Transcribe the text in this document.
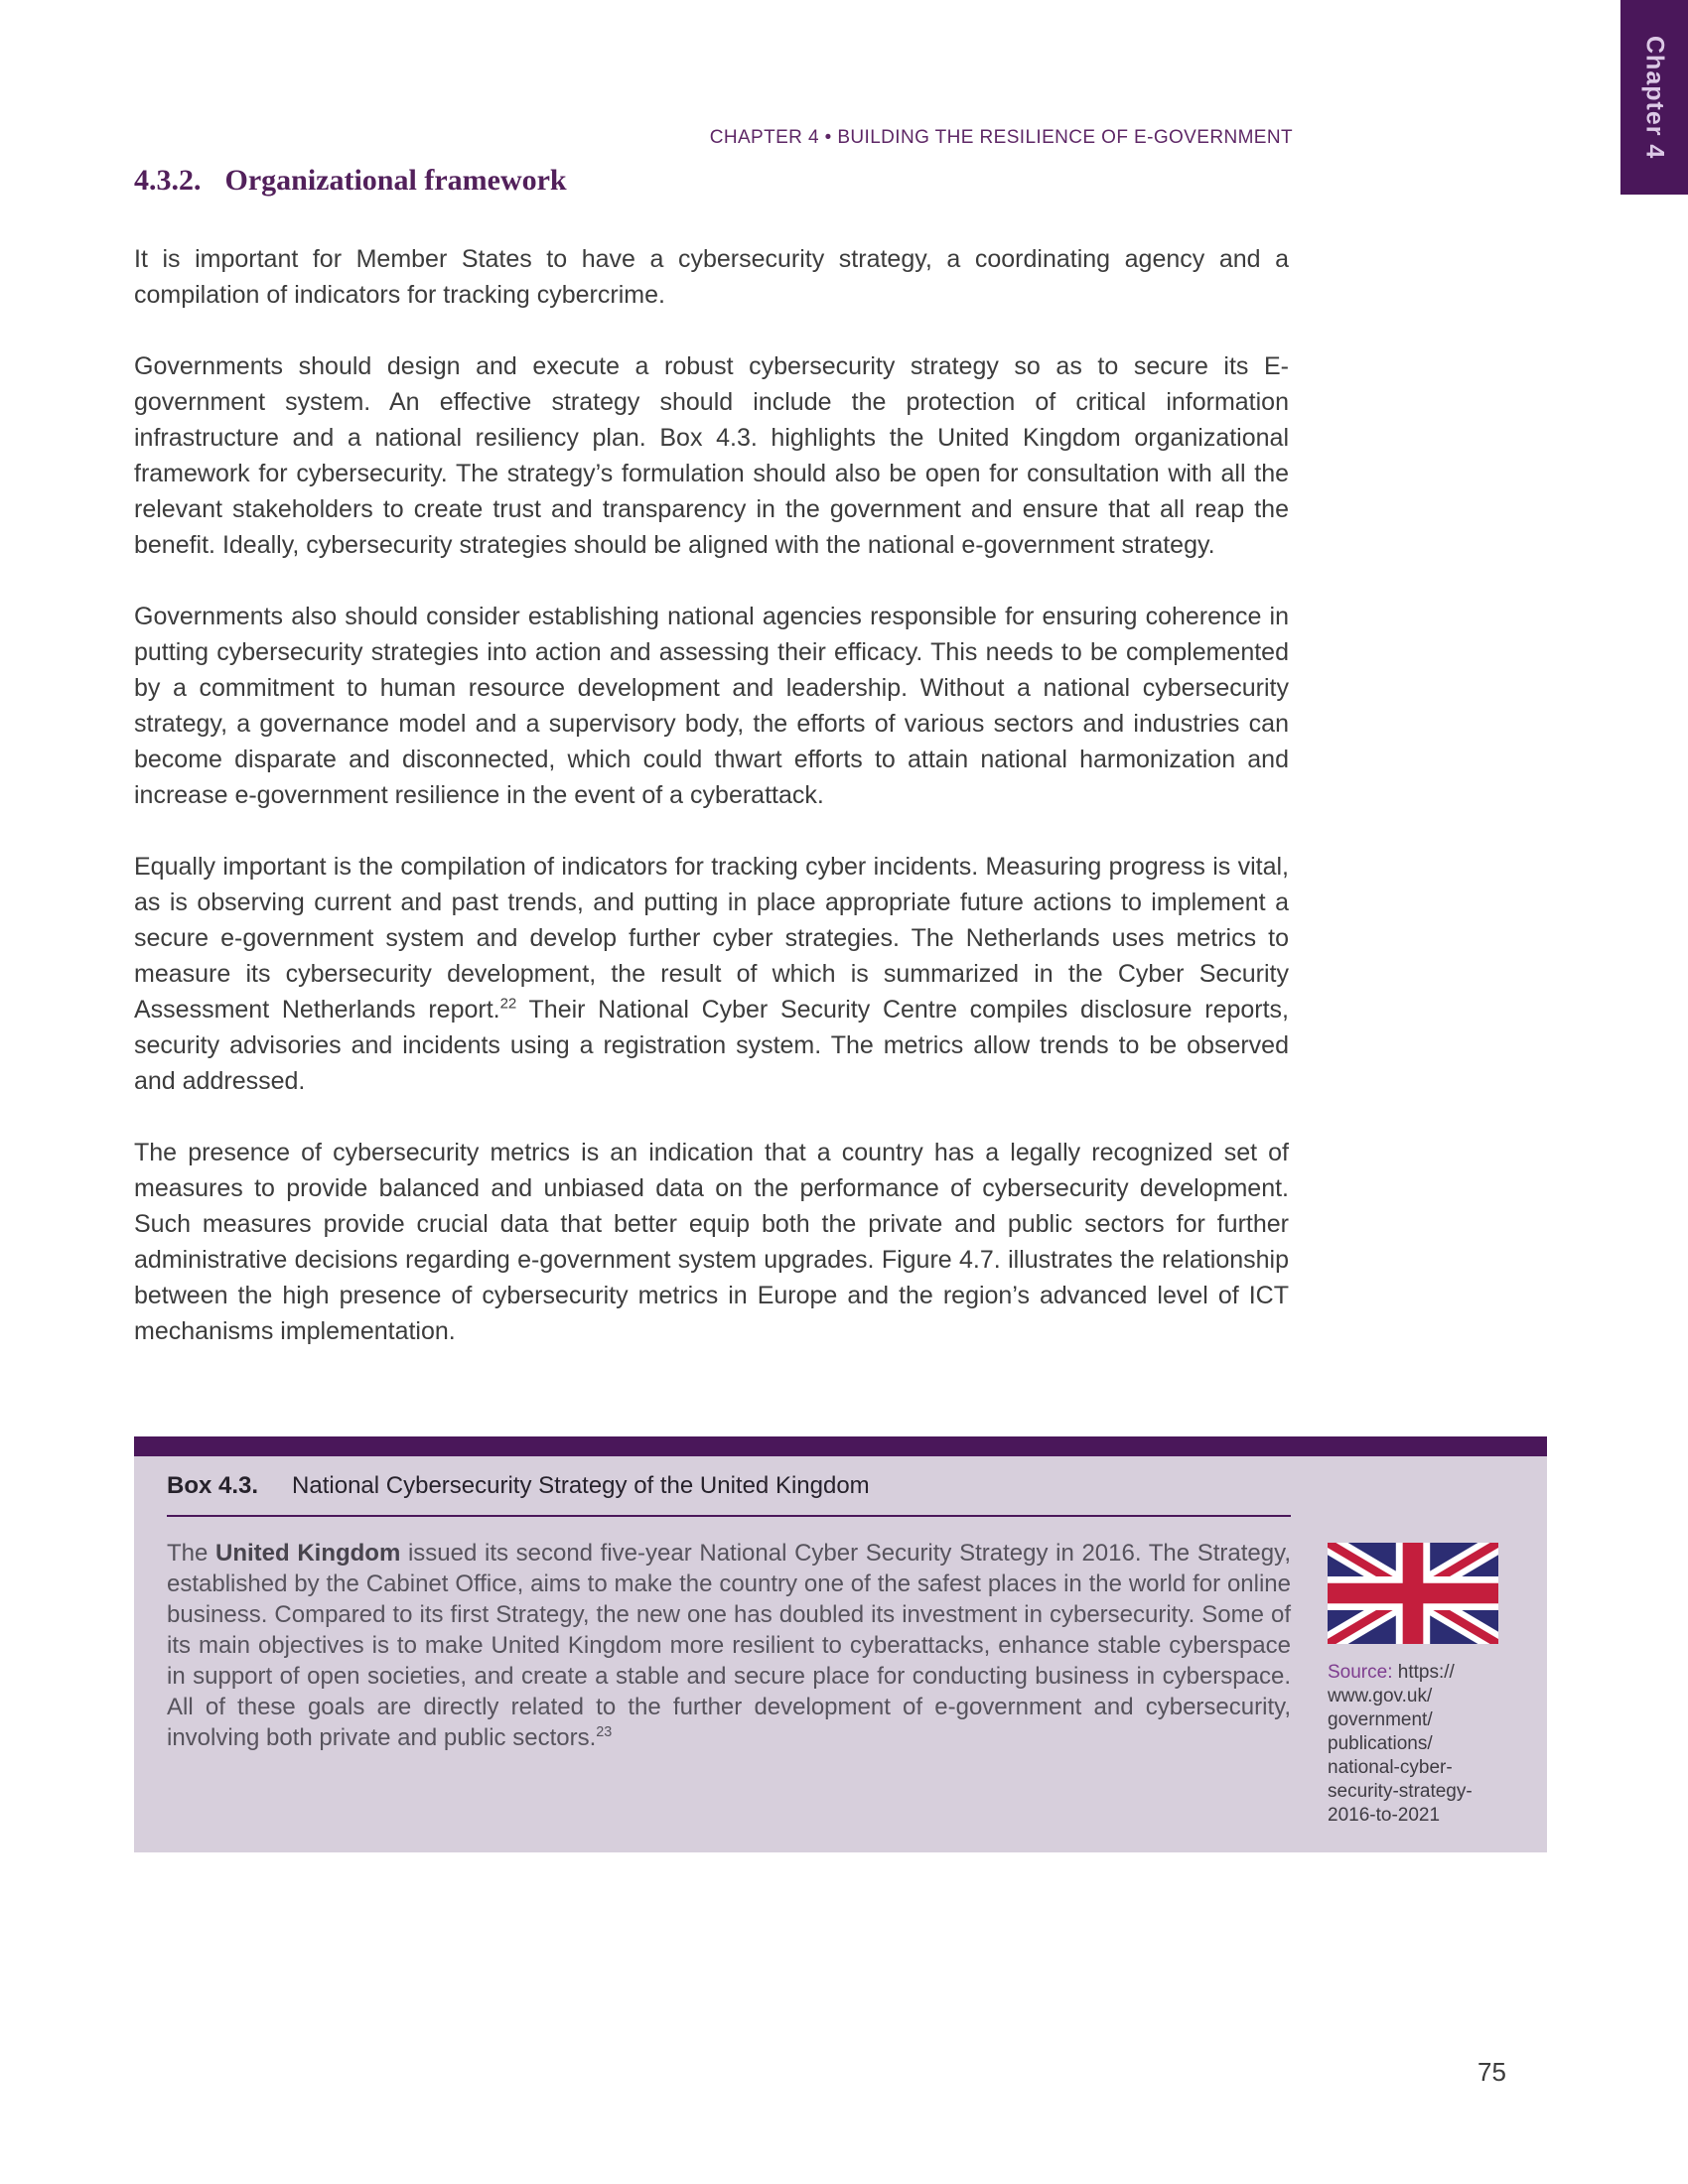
Chapter 4
CHAPTER 4 • BUILDING THE RESILIENCE OF E-GOVERNMENT
4.3.2. Organizational framework

It is important for Member States to have a cybersecurity strategy, a coordinating agency and a compilation of indicators for tracking cybercrime.

Governments should design and execute a robust cybersecurity strategy so as to secure its E-government system. An effective strategy should include the protection of critical information infrastructure and a national resiliency plan. Box 4.3. highlights the United Kingdom organizational framework for cybersecurity. The strategy’s formulation should also be open for consultation with all the relevant stakeholders to create trust and transparency in the government and ensure that all reap the benefit. Ideally, cybersecurity strategies should be aligned with the national e-government strategy.

Governments also should consider establishing national agencies responsible for ensuring coherence in putting cybersecurity strategies into action and assessing their efficacy. This needs to be complemented by a commitment to human resource development and leadership. Without a national cybersecurity strategy, a governance model and a supervisory body, the efforts of various sectors and industries can become disparate and disconnected, which could thwart efforts to attain national harmonization and increase e-government resilience in the event of a cyberattack.

Equally important is the compilation of indicators for tracking cyber incidents. Measuring progress is vital, as is observing current and past trends, and putting in place appropriate future actions to implement a secure e-government system and develop further cyber strategies. The Netherlands uses metrics to measure its cybersecurity development, the result of which is summarized in the Cyber Security Assessment Netherlands report.$^{22}$ Their National Cyber Security Centre compiles disclosure reports, security advisories and incidents using a registration system. The metrics allow trends to be observed and addressed.

The presence of cybersecurity metrics is an indication that a country has a legally recognized set of measures to provide balanced and unbiased data on the performance of cybersecurity development. Such measures provide crucial data that better equip both the private and public sectors for further administrative decisions regarding e-government system upgrades. Figure 4.7. illustrates the relationship between the high presence of cybersecurity metrics in Europe and the region’s advanced level of ICT mechanisms implementation.

Box 4.3. National Cybersecurity Strategy of the United Kingdom

The United Kingdom issued its second five-year National Cyber Security Strategy in 2016. The Strategy, established by the Cabinet Office, aims to make the country one of the safest places in the world for online business. Compared to its first Strategy, the new one has doubled its investment in cybersecurity. Some of its main objectives is to make United Kingdom more resilient to cyberattacks, enhance stable cyberspace in support of open societies, and create a stable and secure place for conducting business in cyberspace. All of these goals are directly related to the further development of e-government and cybersecurity, involving both private and public sectors.$^{23}$

Source: https://
www.gov.uk/
government/
publications/
national-cyber-
security-strategy-
2016-to-2021
75
